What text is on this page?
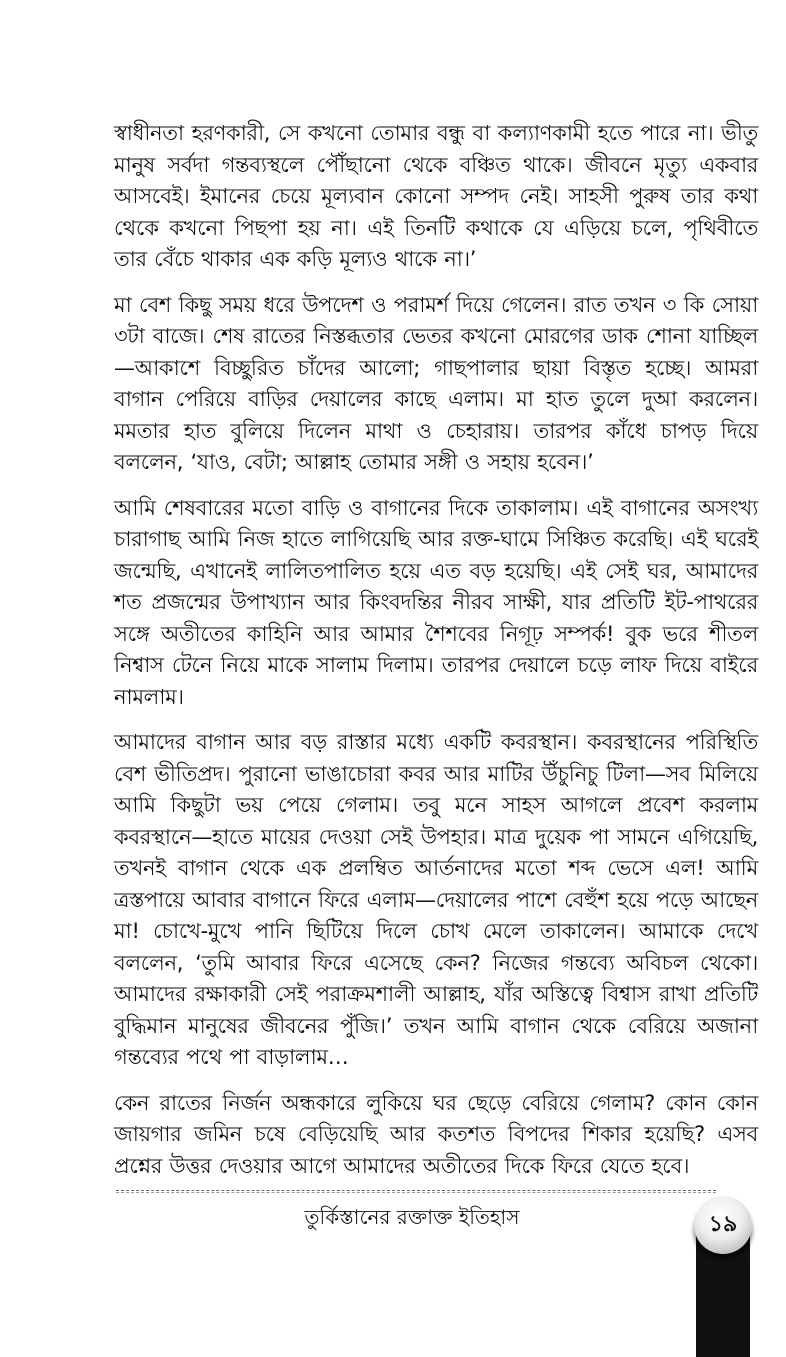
স্বাধীনতা হরণকারী, সে কখনো তোমার বন্ধু বা কল্যাণকামী হতে পারে না। ভীতু মানুষ সর্বদা গন্তব্যস্থলে পৌঁছানো থেকে বঞ্চিত থাকে। জীবনে মৃত্যু একবার আসবেই। ইমানের চেয়ে মূল্যবান কোনো সম্পদ নেই। সাহসী পুরুষ তার কথা থেকে কখনো পিছপা হয় না। এই তিনটি কথাকে যে এড়িয়ে চলে, পৃথিবীতে তার বেঁচে থাকার এক কড়ি মূল্যও থাকে না।’

মা বেশ কিছু সময় ধরে উপদেশ ও পরামর্শ দিয়ে গেলেন। রাত তখন ৩ কি সোয়া ৩টা বাজে। শেষ রাতের নিস্তব্ধতার ভেতর কখনো মোরগের ডাক শোনা যাচ্ছিল—আকাশে বিচ্ছুরিত চাঁদের আলো; গাছপালার ছায়া বিস্তৃত হচ্ছে। আমরা বাগান পেরিয়ে বাড়ির দেয়ালের কাছে এলাম। মা হাত তুলে দুআ করলেন। মমতার হাত বুলিয়ে দিলেন মাথা ও চেহারায়। তারপর কাঁধে চাপড় দিয়ে বললেন, ‘যাও, বেটা; আল্লাহ তোমার সঙ্গী ও সহায় হবেন।’

আমি শেষবারের মতো বাড়ি ও বাগানের দিকে তাকালাম। এই বাগানের অসংখ্য চারাগাছ আমি নিজ হাতে লাগিয়েছি আর রক্ত-ঘামে সিঞ্চিত করেছি। এই ঘরেই জন্মেছি, এখানেই লালিতপালিত হয়ে এত বড় হয়েছি। এই সেই ঘর, আমাদের শত প্রজন্মের উপাখ্যান আর কিংবদন্তির নীরব সাক্ষী, যার প্রতিটি ইট-পাথরের সঙ্গে অতীতের কাহিনি আর আমার শৈশবের নিগূঢ় সম্পর্ক! বুক ভরে শীতল নিশ্বাস টেনে নিয়ে মাকে সালাম দিলাম। তারপর দেয়ালে চড়ে লাফ দিয়ে বাইরে নামলাম।

আমাদের বাগান আর বড় রাস্তার মধ্যে একটি কবরস্থান। কবরস্থানের পরিস্থিতি বেশ ভীতিপ্রদ। পুরানো ভাঙাচোরা কবর আর মাটির উঁচুনিচু টিলা—সব মিলিয়ে আমি কিছুটা ভয় পেয়ে গেলাম। তবু মনে সাহস আগলে প্রবেশ করলাম কবরস্থানে—হাতে মায়ের দেওয়া সেই উপহার। মাত্র দুয়েক পা সামনে এগিয়েছি, তখনই বাগান থেকে এক প্রলম্বিত আর্তনাদের মতো শব্দ ভেসে এল! আমি ত্রস্তপায়ে আবার বাগানে ফিরে এলাম—দেয়ালের পাশে বেহুঁশ হয়ে পড়ে আছেন মা! চোখে-মুখে পানি ছিটিয়ে দিলে চোখ মেলে তাকালেন। আমাকে দেখে বললেন, ‘তুমি আবার ফিরে এসেছে কেন? নিজের গন্তব্যে অবিচল থেকো। আমাদের রক্ষাকারী সেই পরাক্রমশালী আল্লাহ, যাঁর অস্তিত্বে বিশ্বাস রাখা প্রতিটি বুদ্ধিমান মানুষের জীবনের পুঁজি।’ তখন আমি বাগান থেকে বেরিয়ে অজানা গন্তব্যের পথে পা বাড়ালাম…

কেন রাতের নির্জন অন্ধকারে লুকিয়ে ঘর ছেড়ে বেরিয়ে গেলাম? কোন কোন জায়গার জমিন চষে বেড়িয়েছি আর কতশত বিপদের শিকার হয়েছি? এসব প্রশ্নের উত্তর দেওয়ার আগে আমাদের অতীতের দিকে ফিরে যেতে হবে।

তুর্কিস্তানের রক্তাক্ত ইতিহাস	১৯
